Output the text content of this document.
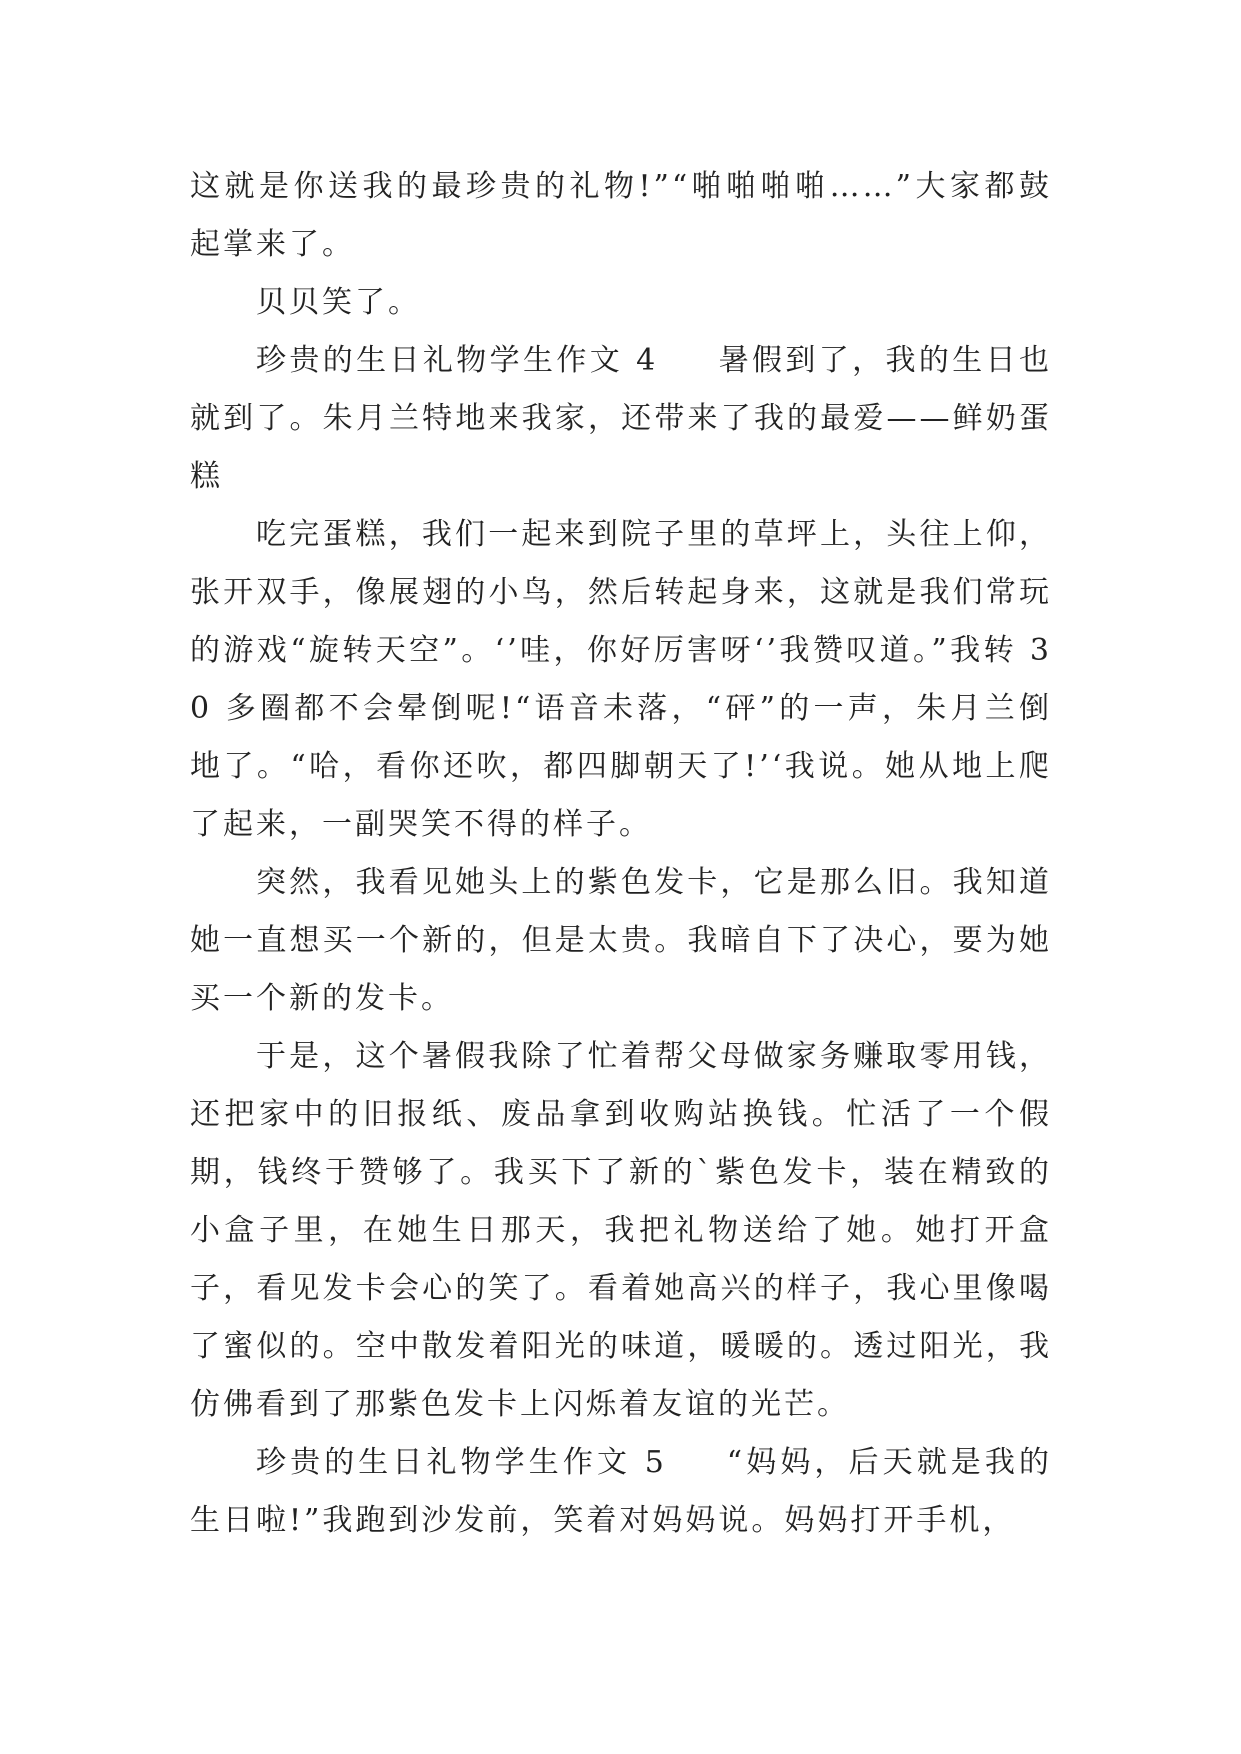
这就是你送我的最珍贵的礼物!”“啪啪啪啪……”大家都鼓起掌来了。

贝贝笑了。

珍贵的生日礼物学生作文 4 暑假到了，我的生日也就到了。朱月兰特地来我家，还带来了我的最爱——鲜奶蛋糕

吃完蛋糕，我们一起来到院子里的草坪上，头往上仰，张开双手，像展翅的小鸟，然后转起身来，这就是我们常玩的游戏“旋转天空”。‘’哇，你好厉害呀‘’我赞叹道。”我转 30 多圈都不会晕倒呢!“语音未落，“砰”的一声，朱月兰倒地了。“哈，看你还吹，都四脚朝天了!’‘我说。她从地上爬了起来，一副哭笑不得的样子。

突然，我看见她头上的紫色发卡，它是那么旧。我知道她一直想买一个新的，但是太贵。我暗自下了决心，要为她买一个新的发卡。

于是，这个暑假我除了忙着帮父母做家务赚取零用钱，还把家中的旧报纸、废品拿到收购站换钱。忙活了一个假期，钱终于赞够了。我买下了新的`紫色发卡，装在精致的小盒子里，在她生日那天，我把礼物送给了她。她打开盒子，看见发卡会心的笑了。看着她高兴的样子，我心里像喝了蜜似的。空中散发着阳光的味道，暖暖的。透过阳光，我仿佛看到了那紫色发卡上闪烁着友谊的光芒。

珍贵的生日礼物学生作文 5 “妈妈，后天就是我的生日啦!”我跑到沙发前，笑着对妈妈说。妈妈打开手机，
